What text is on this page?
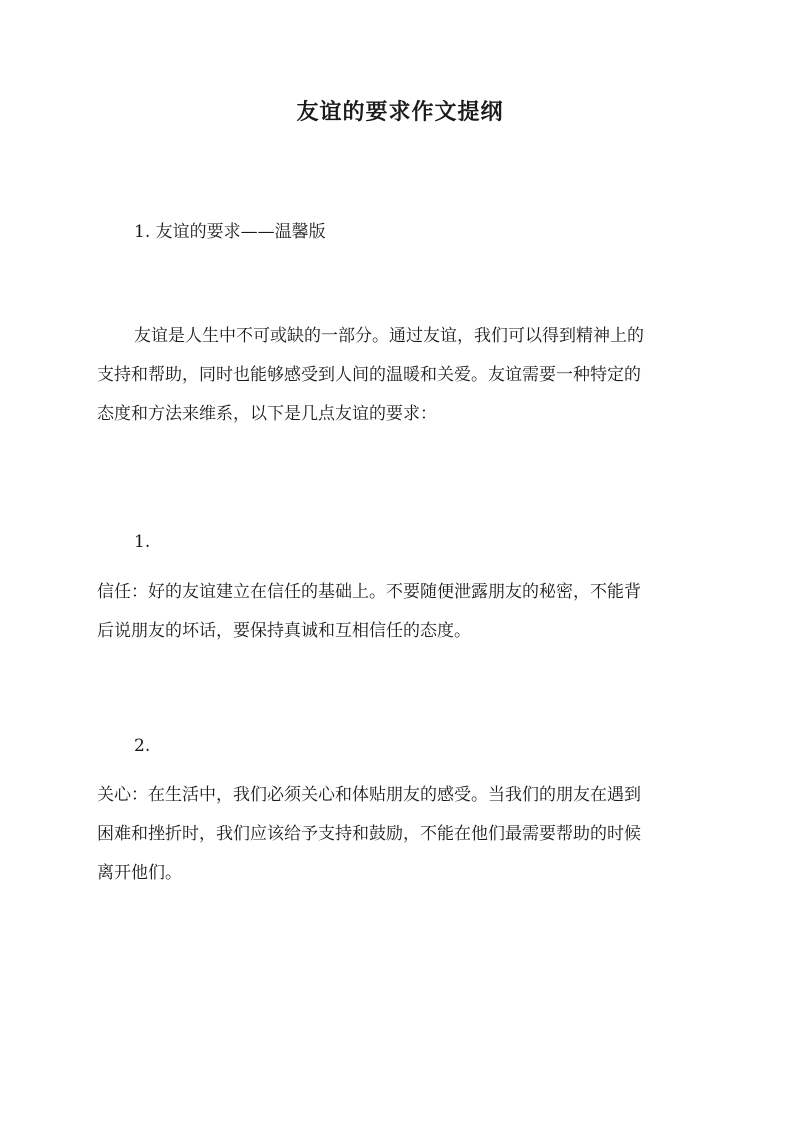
友谊的要求作文提纲
1. 友谊的要求——温馨版
友谊是人生中不可或缺的一部分。通过友谊，我们可以得到精神上的
支持和帮助，同时也能够感受到人间的温暖和关爱。友谊需要一种特定的
态度和方法来维系，以下是几点友谊的要求：
1.
信任：好的友谊建立在信任的基础上。不要随便泄露朋友的秘密，不能背
后说朋友的坏话，要保持真诚和互相信任的态度。
2.
关心：在生活中，我们必须关心和体贴朋友的感受。当我们的朋友在遇到
困难和挫折时，我们应该给予支持和鼓励，不能在他们最需要帮助的时候
离开他们。
